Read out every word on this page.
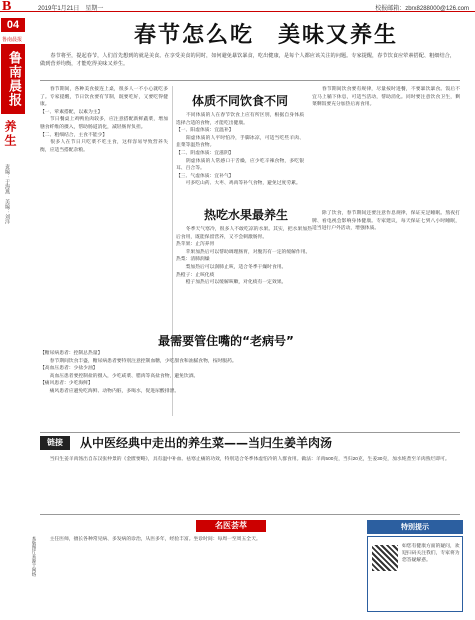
B	2019年1月21日　星期一	校报邮箱：zbrx8288000@126.com
04
鲁南晨报
鲁南晨报
养生
责编：于海燕　美编：刘洋
春节怎么吃　美味又养生
　　春节将至，提起春节，人们首先想到的就是美食。在享受美食的同时，如何避免暴饮暴食，吃出健康，是每个人都应该关注的问题。专家提醒，春节饮食应荤素搭配、粗细结合，做到营养均衡，才能吃得美味又养生。
　　春节期间，各种美食接连上桌，很多人一不小心就吃多了。专家提醒，节日饮食要有节制，既要吃好，又要吃得健康。
【一、荤素搭配，以素为主】
　　节日餐桌上鸡鸭鱼肉较多，应注意搭配新鲜蔬菜，增加膳食纤维的摄入，帮助肠道消化，减轻肠胃负担。
【二、粗细结合，主食不能少】
　　很多人在节日只吃菜不吃主食，这样容易导致营养失衡，应适当搭配杂粮。
体质不同饮食不同
　　不同体质的人在春节饮食上应有所区别，根据自身体质选择合适的食物，才能吃出健康。
【一、阳虚体质：宜温补】
　　阳虚体质的人平时怕冷，手脚冰凉，可适当吃些羊肉、韭菜等温热食物。
【二、阴虚体质：宜滋阴】
　　阴虚体质的人常感口干舌燥，应少吃辛辣食物，多吃银耳、百合等。
【三、气虚体质：宜补气】
　　可多吃山药、大枣、鸡肉等补气食物，避免过度劳累。
　　春节期间饮食要有规律，尽量按时进餐，不要暴饮暴食。饭后不宜马上躺下休息，可适当活动，帮助消化。同时要注意饮食卫生，剩菜剩饭要充分加热后再食用。
热吃水果最养生
　　冬季天气寒冷，很多人不敢吃凉的水果。其实，把水果加热后食用，既能保留营养，又不会刺激肠胃。
热苹果：止泻养胃
　　苹果加热后可以帮助调理肠胃，对腹泻有一定的缓解作用。
热梨：清肺润燥
　　梨加热后可以润肺止咳，适合冬季干燥时食用。
热橙子：止咳化痰
　　橙子加热后可以缓解咳嗽，对化痰有一定效果。
　　除了饮食，春节期间还要注意作息规律，保证充足睡眠。熬夜打牌、看电视会影响身体健康。专家建议，每天保证七到八小时睡眠，适当进行户外活动，增强体质。
最需要管住嘴的“老病号”
【糖尿病患者：控制总热量】
　　春节期间饮食丰盛，糖尿病患者要特别注意控制血糖，少吃甜食和油腻食物，按时服药。
【高血压患者：少盐少油】
　　高血压患者要控制盐的摄入，少吃咸菜、腊肉等高盐食物，避免饮酒。
【痛风患者：少吃海鲜】
　　痛风患者应避免吃海鲜、动物内脏，多喝水，促进尿酸排泄。
链接	从中医经典中走出的养生菜——当归生姜羊肉汤
　　当归生姜羊肉汤出自东汉张仲景的《金匮要略》，具有温中补血、祛寒止痛的功效，特别适合冬季体虚怕冷的人群食用。做法：羊肉500克，当归20克，生姜30克，加水炖煮至羊肉熟烂即可。
名医荟萃
　　主任医师，擅长各种常见病、多发病的诊治，从医多年，经验丰富。坐诊时间：每周一至周五全天。
特别提示
如您有健康方面的疑问，欢迎扫码关注我们，专家将为您答疑解惑。
本版图片来源于网络
